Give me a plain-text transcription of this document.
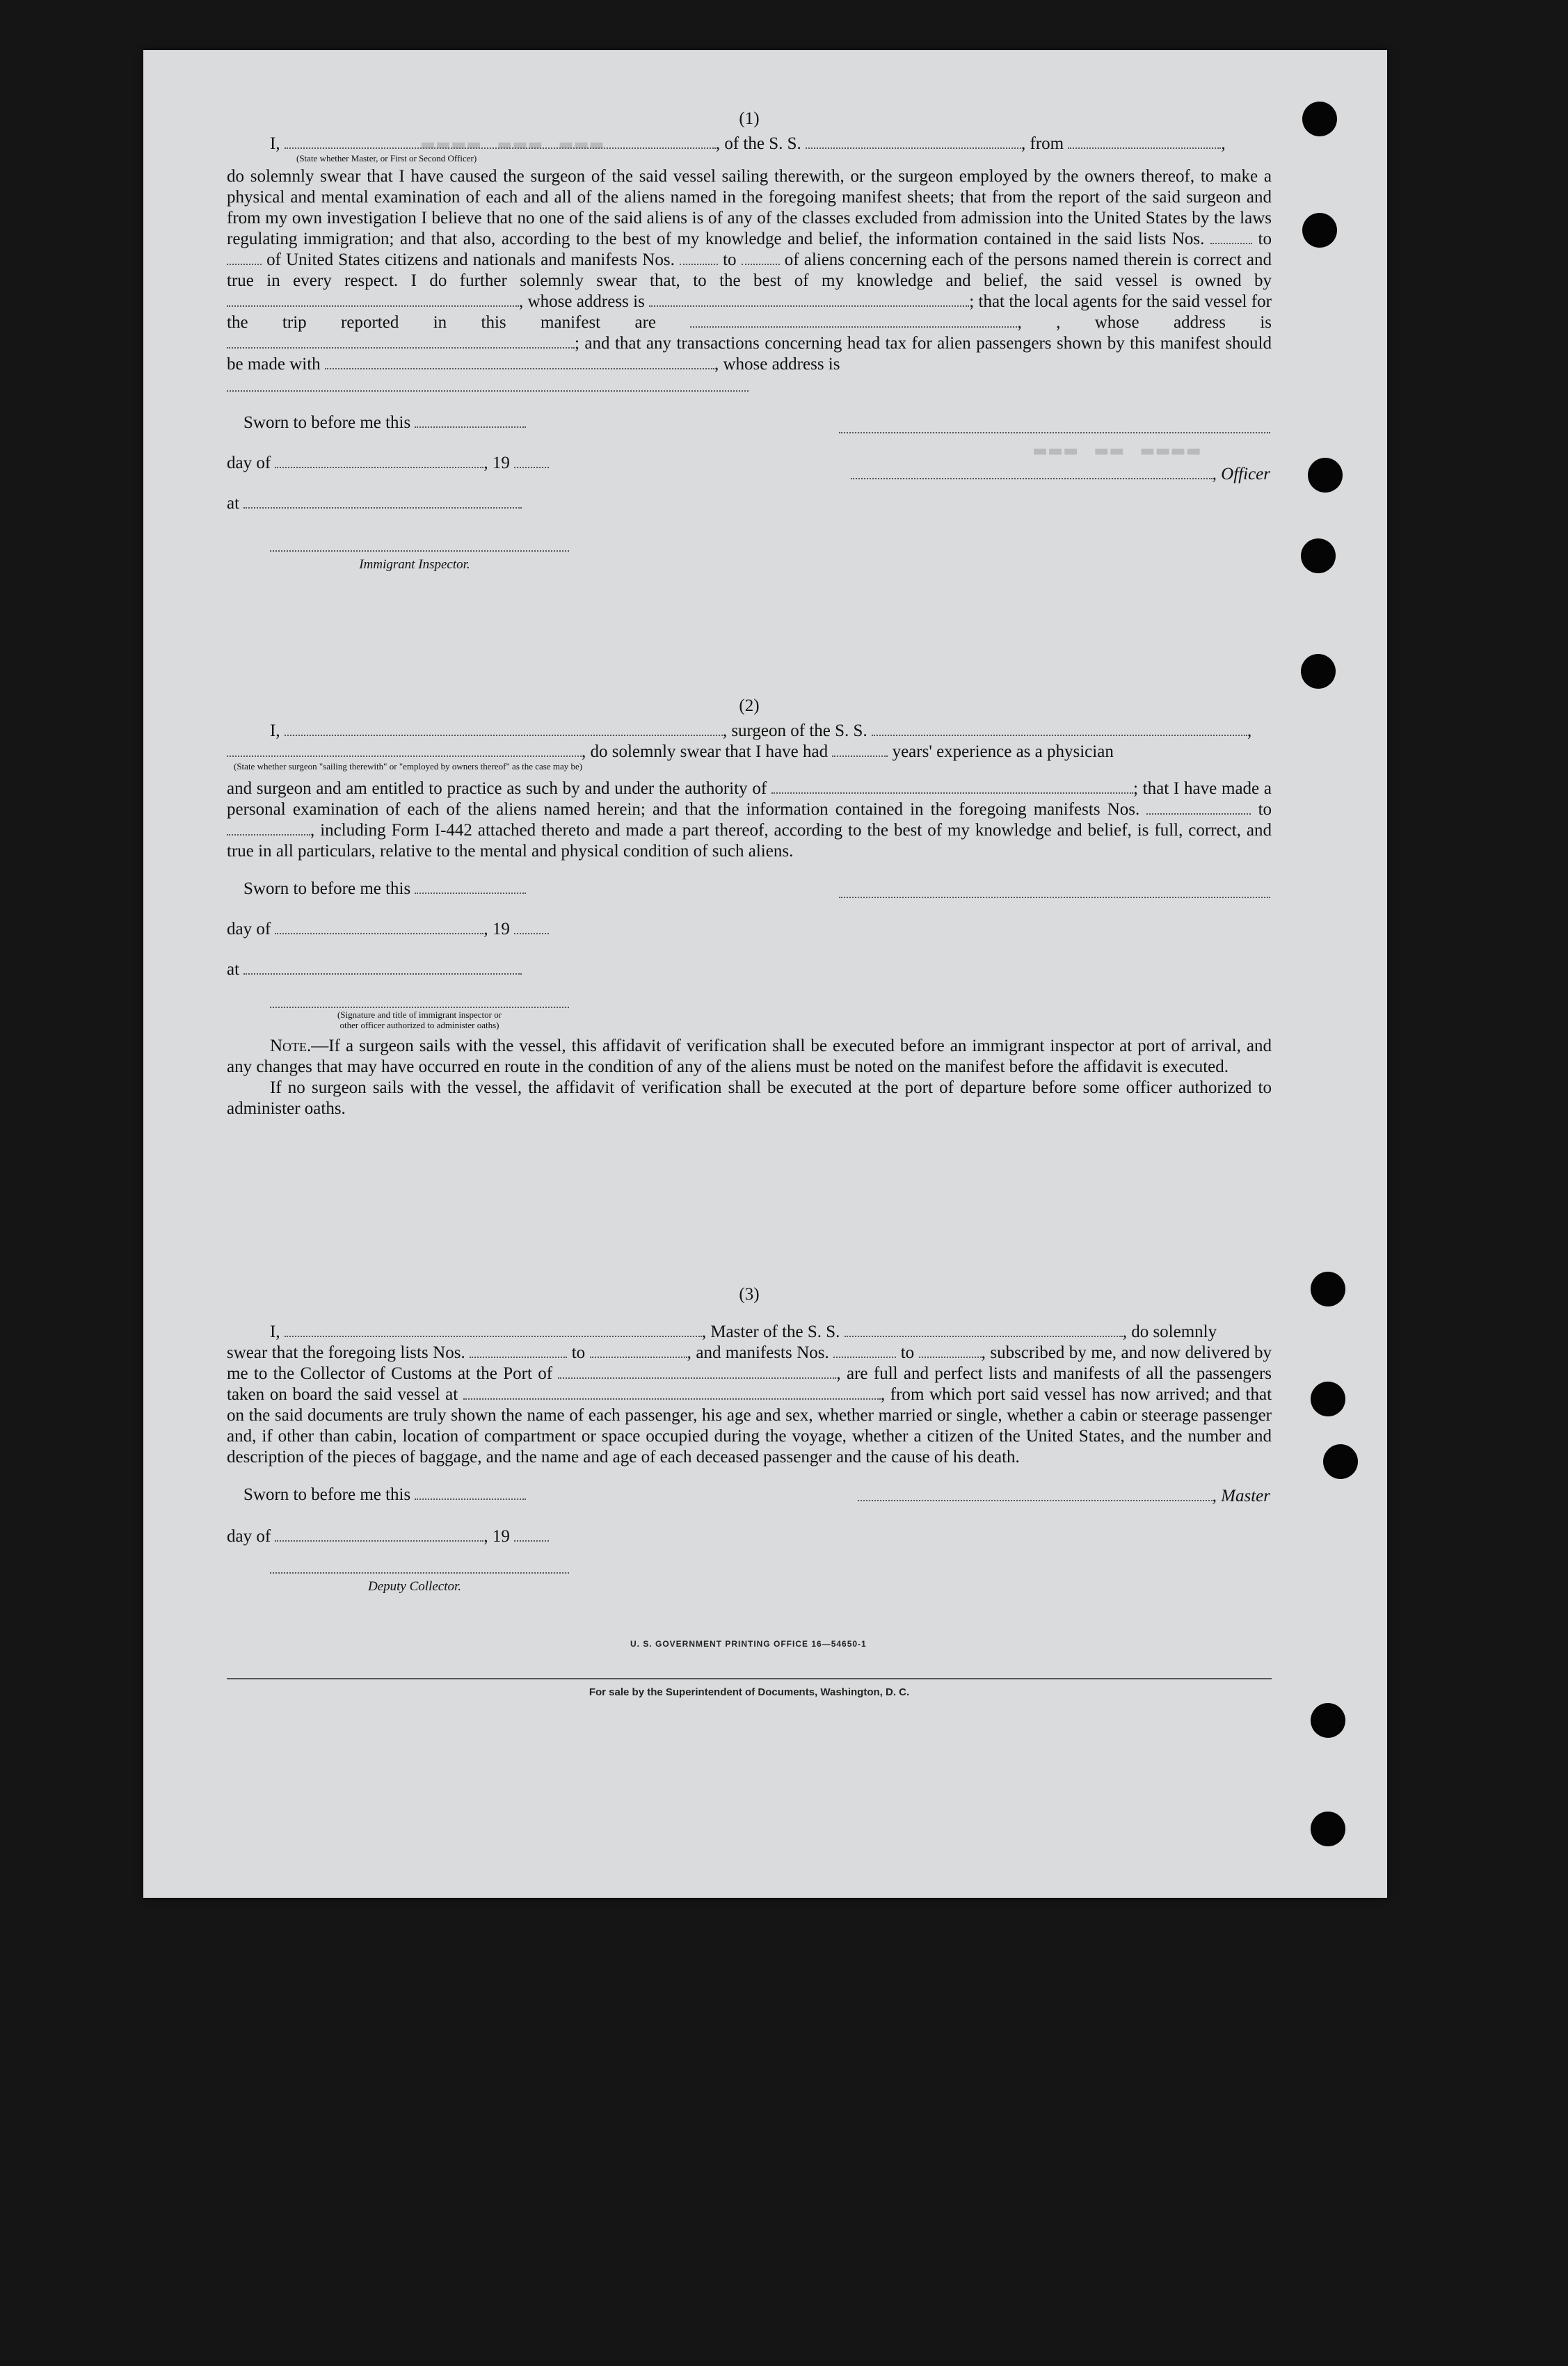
▬▬▬▬ ▬▬▬ ▬▬▬
▬▬▬ ▬▬ ▬▬▬▬
(1)

I,	, of the S. S.	, from	,

(State whether Master, or First or Second Officer)

do solemnly swear that I have caused the surgeon of the said vessel sailing therewith, or the surgeon employed by the owners thereof, to make a physical and mental examination of each and all of the aliens named in the foregoing manifest sheets; that from the report of the said surgeon and from my own investigation I believe that no one of the said aliens is of any of the classes excluded from admission into the United States by the laws regulating immigration; and that also, according to the best of my knowledge and belief, the information contained in the said lists Nos.	to  of United States citizens and nationals and manifests Nos.	to	of aliens concerning each of the persons named therein is correct and true in every respect. I do further solemnly swear that, to the best of my knowledge and belief, the said vessel is owned by , whose address is	; that the local agents for the said vessel for the trip reported in this manifest are	, , whose address is ; and that any transactions concerning head tax for alien passengers shown by this manifest should be made with	, whose address is

Sworn to before me this
day of	, 19
, Officer
at
Immigrant Inspector.
(2)

I,	, surgeon of the S. S.	,

, do solemnly swear that I have had	years' experience as a physician

(State whether surgeon "sailing therewith" or "employed by owners thereof" as the case may be)

and surgeon and am entitled to practice as such by and under the authority of	; that I have made a personal examination of each of the aliens named herein; and that the information contained in the foregoing manifests Nos.	to , including Form I-442 attached thereto and made a part thereof, according to the best of my knowledge and belief, is full, correct, and true in all particulars, relative to the mental and physical condition of such aliens.

Sworn to before me this
day of	, 19
at
(Signature and title of immigrant inspector or
other officer authorized to administer oaths)

Note.—If a surgeon sails with the vessel, this affidavit of verification shall be executed before an immigrant inspector at port of arrival, and any changes that may have occurred en route in the condition of any of the aliens must be noted on the manifest before the affidavit is executed.

If no surgeon sails with the vessel, the affidavit of verification shall be executed at the port of departure before some officer authorized to administer oaths.

(3)

I,	, Master of the S. S.	, do solemnly

swear that the foregoing lists Nos.	to	, and manifests Nos.	to	, subscribed by me, and now delivered by me to the Collector of Customs at the Port of	, are full and perfect lists and manifests of all the passengers taken on board the said vessel at	, from which port said vessel has now arrived; and that on the said documents are truly shown the name of each passenger, his age and sex, whether married or single, whether a cabin or steerage passenger and, if other than cabin, location of compartment or space occupied during the voyage, whether a citizen of the United States, and the number and description of the pieces of baggage, and the name and age of each deceased passenger and the cause of his death.

Sworn to before me this	, Master
day of	, 19
Deputy Collector.
U. S. GOVERNMENT PRINTING OFFICE 16—54650-1
For sale by the Superintendent of Documents, Washington, D. C.
